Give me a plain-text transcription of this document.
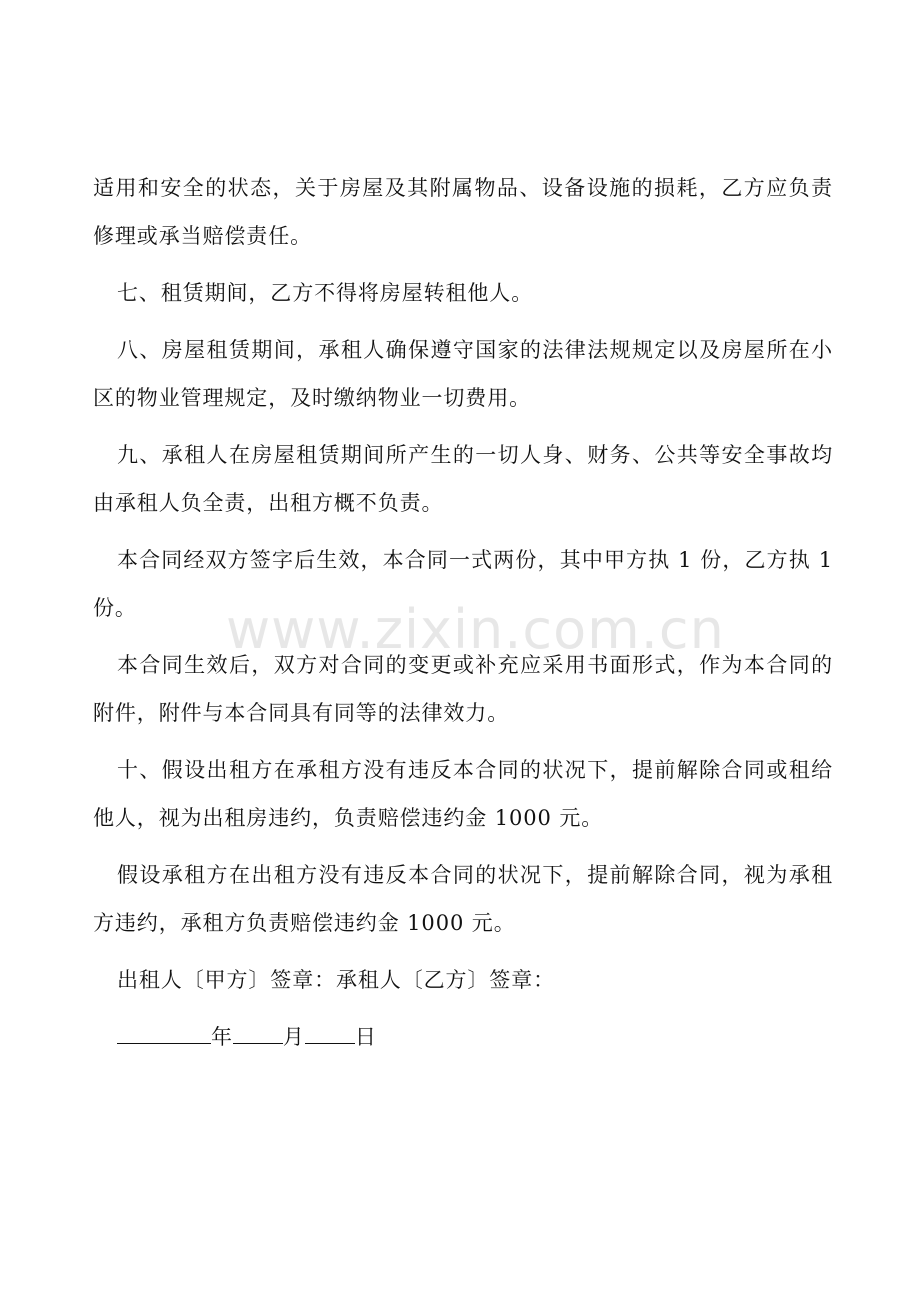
适用和安全的状态，关于房屋及其附属物品、设备设施的损耗，乙方应负责修理或承当赔偿责任。

七、租赁期间，乙方不得将房屋转租他人。

八、房屋租赁期间，承租人确保遵守国家的法律法规规定以及房屋所在小区的物业管理规定，及时缴纳物业一切费用。

九、承租人在房屋租赁期间所产生的一切人身、财务、公共等安全事故均由承租人负全责，出租方概不负责。

本合同经双方签字后生效，本合同一式两份，其中甲方执 1 份，乙方执 1 份。

本合同生效后，双方对合同的变更或补充应采用书面形式，作为本合同的附件，附件与本合同具有同等的法律效力。

十、假设出租方在承租方没有违反本合同的状况下，提前解除合同或租给他人，视为出租房违约，负责赔偿违约金 1000 元。

假设承租方在出租方没有违反本合同的状况下，提前解除合同，视为承租方违约，承租方负责赔偿违约金 1000 元。

出租人〔甲方〕签章：承租人〔乙方〕签章：

年 月 日

www.zixin.com.cn
